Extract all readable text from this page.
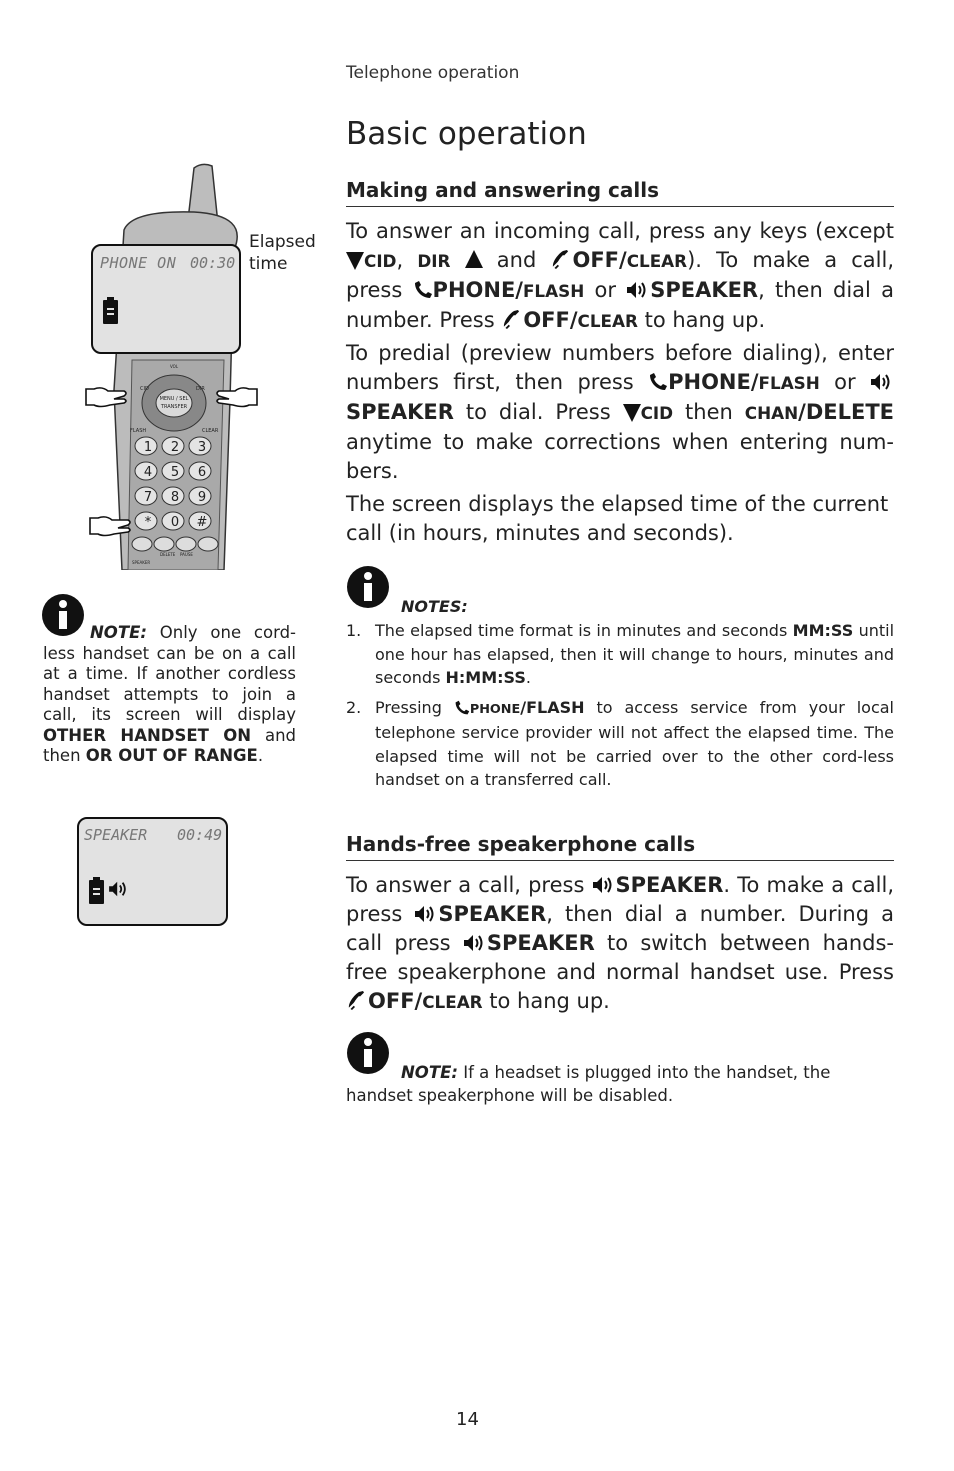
Telephone operation
Basic operation
Making and answering calls

To answer an incoming call, press any keys (except
CID, DIR
and
OFF/CLEAR). To make a call, press
PHONE/FLASH or
SPEAKER, then dial a number. Press
OFF/CLEAR to hang up.

To predial (preview numbers before dialing), enter numbers first, then press
PHONE/FLASH or
SPEAKER to dial. Press
CID then CHAN/DELETE anytime to make corrections when entering num-bers.

The screen displays the elapsed time of the current call (in hours, minutes and seconds).

NOTES:
1. The elapsed time format is in minutes and seconds MM:SS until one hour has elapsed, then it will change to hours, minutes and seconds H:MM:SS.
2. Pressing
PHONE/FLASH to access service from your local telephone service provider will not affect the elapsed time. The elapsed time will not be carried over to the other cord-less handset on a transferred call.
Hands-free speakerphone calls

To answer a call, press
SPEAKER. To make a call, press
SPEAKER, then dial a number. During a call press
SPEAKER to switch between hands-free speakerphone and normal handset use. Press
OFF/CLEAR to hang up.

NOTE: If a headset is plugged into the handset, the handset speakerphone will be disabled.
NOTE: Only one cord-less handset can be on a call at a time. If another cordless handset attempts to join a call, its screen will display OTHER HANDSET ON and then OR OUT OF RANGE.
MENU / SEL
TRANSFER
CID	DIR
FLASH	CLEAR
VOL
1 2 3
4 5 6
7 8 9
* 0 #
DELETE PAUSE
SPEAKER
PHONE ON 00:30
Elapsed time
SPEAKER 00:49
14
